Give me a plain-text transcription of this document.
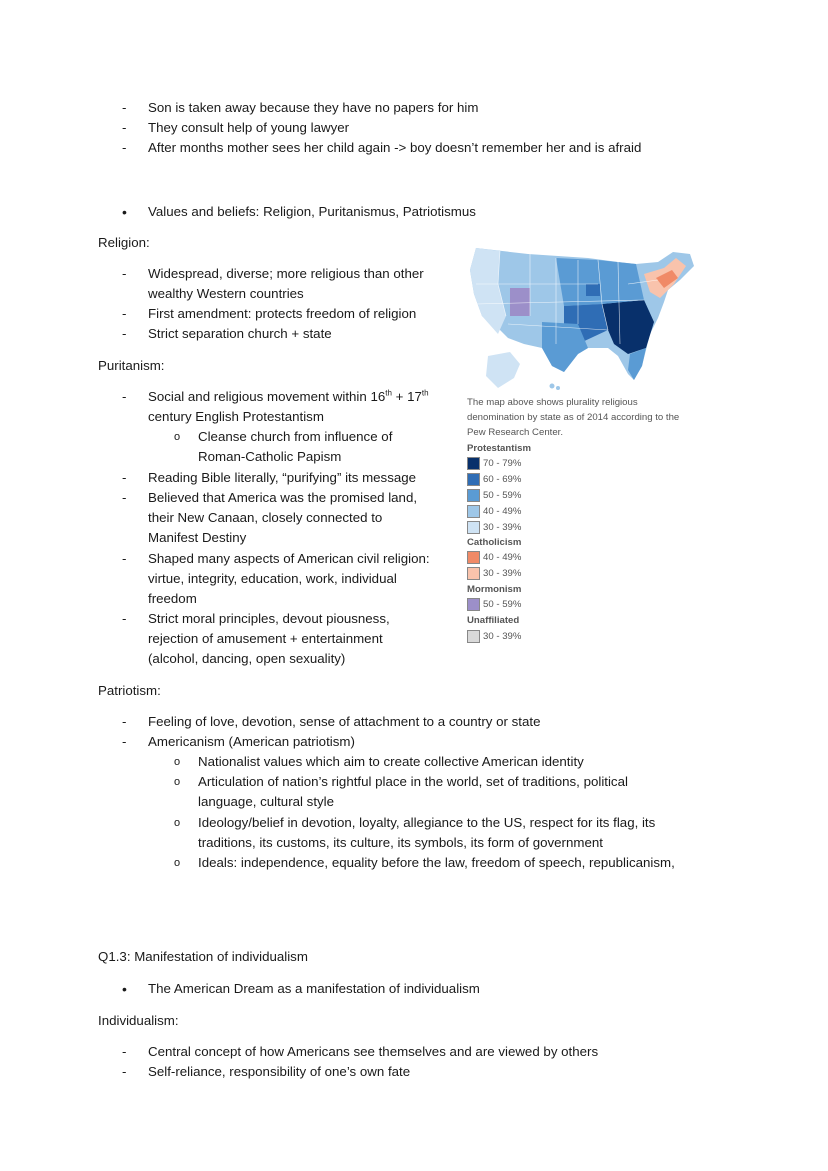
- Son is taken away because they have no papers for him
- They consult help of young lawyer
- After months mother sees her child again -> boy doesn’t remember her and is afraid
• Values and beliefs: Religion, Puritanismus, Patriotismus
Religion:
- Widespread, diverse; more religious than other
wealthy Western countries
- First amendment: protects freedom of religion
- Strict separation church + state
Puritanism:
- Social and religious movement within 16th + 17th
century English Protestantism
o Cleanse church from influence of
Roman-Catholic Papism
- Reading Bible literally, “purifying” its message
- Believed that America was the promised land,
their New Canaan, closely connected to
Manifest Destiny
- Shaped many aspects of American civil religion:
virtue, integrity, education, work, individual
freedom
- Strict moral principles, devout piousness,
rejection of amusement + entertainment
(alcohol, dancing, open sexuality)
The map above shows plurality religious
denomination by state as of 2014 according to the
Pew Research Center.
Protestantism
70 - 79%
60 - 69%
50 - 59%
40 - 49%
30 - 39%
Catholicism
40 - 49%
30 - 39%
Mormonism
50 - 59%
Unaffiliated
30 - 39%
Patriotism:
- Feeling of love, devotion, sense of attachment to a country or state
- Americanism (American patriotism)
o Nationalist values which aim to create collective American identity
o Articulation of nation’s rightful place in the world, set of traditions, political
language, cultural style
o Ideology/belief in devotion, loyalty, allegiance to the US, respect for its flag, its
traditions, its customs, its culture, its symbols, its form of government
o Ideals: independence, equality before the law, freedom of speech, republicanism,
Q1.3: Manifestation of individualism
• The American Dream as a manifestation of individualism
Individualism:
- Central concept of how Americans see themselves and are viewed by others
- Self-reliance, responsibility of one’s own fate
